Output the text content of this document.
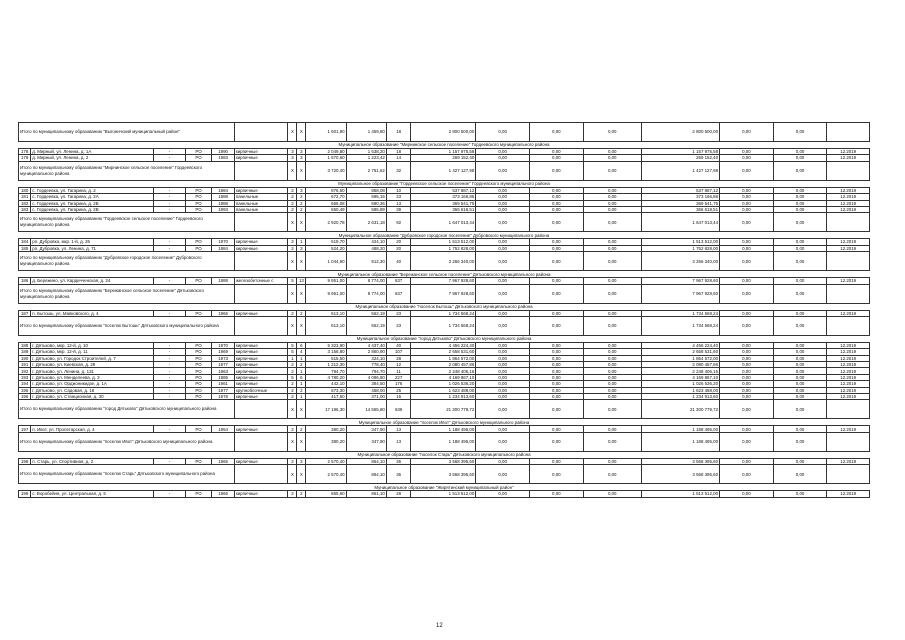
Итого по муниципальному образованию "Выгоничский муниципальный район"						X	X	1 601,90	1 459,80	18	2 800 500,00	0,00	0,00	0,00	2 800 500,00	0,00	0,00	
Муниципальное образование "Мирнинское сельское поселение" Гордеевского муниципального района																		
178	д. Мирный, ул. Ленина, д. 1А	-	PO	1990	кирпичные	3	3	2 049,80	1 538,20	18	1 157 975,58	0,00	0,00	0,00	1 157 975,58	0,00	0,00	12.2019
179	д. Мирный, ул. Ленина, д. 2	-	PO	1983	кирпичные	3	3	1 670,60	1 223,42	14	269 152,40	0,00	0,00	0,00	269 152,40	0,00	0,00	12.2019
Итого по муниципальному образованию "Мирнинское сельское поселение" Гордеевского муниципального района						X	X	3 720,40	2 761,62	32	1 427 127,98	0,00	0,00	0,00	1 427 127,98	0,00	0,00	
Муниципальное образование "Гордеевское сельское поселение" Гордеевского муниципального района																		
180	с. Гордеевка, ул. Гагарина, д. 2	-	PO	1984	кирпичные	2	3	976,50	858,08	10	537 887,12	0,00	0,00	0,00	537 887,12	0,00	0,00	12.2019
181	с. Гордеевка, ул. Гагарина, д. 2А	-	PO	1988	панельные	2	2	672,70	595,15	23	373 166,86	0,00	0,00	0,00	373 166,86	0,00	0,00	12.2019
182	с. Гордеевка, ул. Гагарина, д. 2Б	-	PO	1988	панельные	2	2	666,08	590,36	13	369 541,75	0,00	0,00	0,00	369 541,75	0,00	0,00	12.2019
183	с. Гордеевка, ул. Гагарина, д. 2В	-	PO	1993	панельные	2	2	650,49	585,89	39	366 618,51	0,00	0,00	0,00	366 618,51	0,00	0,00	12.2019
Итого по муниципальному образованию "Гордеевское сельское поселение" Гордеевского муниципального района						X	X	2 920,78	2 631,18	92	1 647 013,44	0,00	0,00	0,00	1 647 013,44	0,00	0,00	
Муниципальное образование "Дубровское городское поселение" Дубровского муниципального района																		
184	рп. Дубровка, мкр. 1-й, д. 26	-	PO	1970	кирпичные	2	1	519,70	424,10	20	1 513 512,00	0,00	0,00	0,00	1 513 512,00	0,00	0,00	12.2019
185	рп. Дубровка, ул. Ленина, д. 71	-	PO	1984	кирпичные	2	3	524,20	488,20	20	1 752 828,00	0,00	0,00	0,00	1 752 828,00	0,00	0,00	12.2019
Итого по муниципальному образованию "Дубровское городское поселение" Дубровского муниципального района						X	X	1 044,90	912,30	40	3 266 340,00	0,00	0,00	0,00	3 266 340,00	0,00	0,00	
Муниципальное образование "Бережанское сельское поселение" Дятьковского муниципального района																		
186	д. Бережино, ул. Кардичченская, д. 24	-	PO	1988	железобетонные с	5	13	9 951,00	8 774,00	637	7 967 928,60	0,00	0,00	0,00	7 967 928,60	0,00	0,00	12.2019
Итого по муниципальному образованию "Бережанское сельское поселение" Дятьковского муниципального района						X	X	9 951,00	8 774,00	637	7 967 928,60	0,00	0,00	0,00	7 967 928,60	0,00	0,00	
Муниципальное образование "поселок Бытошь" Дятьковского муниципального района																		
187	п. Бытошь, ул. Маяковского, д. 4	-	PO	1966	кирпичные	2	2	613,10	562,19	23	1 734 568,24	0,00	0,00	0,00	1 734 568,24	0,00	0,00	12.2019
Итого по муниципальному образованию "поселок Бытошь" Дятьковского муниципального района						X	X	613,10	562,19	23	1 734 568,24	0,00	0,00	0,00	1 734 568,24	0,00	0,00	
Муниципальное образование "город Дятьково" Дятьковского муниципального района																		
188	г. Дятьково, мкр. 12-й, д. 10	-	PO	1970	кирпичные	5	6	5 323,90	4 437,40	40	4 456 224,40	0,00	0,00	0,00	4 456 224,40	0,00	0,00	12.2019
189	г. Дятьково, мкр. 12-й, д. 11	-	PO	1969	кирпичные	5	4	3 156,80	2 860,90	107	2 658 531,60	0,00	0,00	0,00	2 658 531,60	0,00	0,00	12.2019
190	г. Дятьково, ул. Городок Строителей, д. 7	-	PO	1973	кирпичные	1	1	515,50	324,10	28	1 864 572,00	0,00	0,00	0,00	1 864 572,00	0,00	0,00	12.2019
191	г. Дятьково, ул. Киевская, д. 29	-	PO	1977	кирпичные	2	2	1 212,30	778,40	12	2 080 457,86	0,00	0,00	0,00	2 080 457,86	0,00	0,00	12.2019
192	г. Дятьково, ул. Ленина, д. 131	-	PO	1963	кирпичные	2	1	794,70	794,70	11	2 248 406,16	0,00	0,00	0,00	2 248 406,16	0,00	0,00	12.2019
193	г. Дятьково, ул. Менделеева, д. 3	-	PO	1985	кирпичные	5	6	4 780,20	4 096,80	227	4 169 867,10	0,00	0,00	0,00	4 169 867,10	0,00	0,00	12.2019
194	г. Дятьково, ул. Орджоникидзе, д. 1А	-	PO	1961	кирпичные	2	1	442,10	384,50	176	1 026 536,20	0,00	0,00	0,00	1 026 536,20	0,00	0,00	12.2019
195	г. Дятьково, ул. Садовая, д. 18	-	PO	1977	крупноблочные	2	2	573,30	458,00	25	1 623 488,00	0,00	0,00	0,00	1 623 488,00	0,00	0,00	12.2019
196	г. Дятьково, ул. Станционная, д. 30	-	PO	1978	кирпичные	2	1	417,50	371,00	15	1 234 913,60	0,00	0,00	0,00	1 234 913,60	0,00	0,00	12.2019
Итого по муниципальному образованию "город Дятьково" Дятьковского муниципального района						X	X	17 196,30	14 555,80	639	21 300 779,72	0,00	0,00	0,00	21 300 779,72	0,00	0,00	
Муниципальное образование "поселок Ивот" Дятьковского муниципального района																		
197	п. Ивот, ул. Пролетарская, д. 4	-	PO	1954	кирпичные	2	2	380,20	347,90	13	1 188 495,00	0,00	0,00	0,00	1 188 495,00	0,00	0,00	12.2019
Итого по муниципальному образованию "поселок Ивот" Дятьковского муниципального района						X	X	380,20	347,90	13	1 188 495,00	0,00	0,00	0,00	1 188 495,00	0,00	0,00	
Муниципальное образование "поселок Старь" Дятьковского муниципального района																		
198	п. Старь, ул. Спортивная, д. 2	-	PO	1965	кирпичные	2	3	2 570,40	864,10	36	3 568 395,60	0,00	0,00	0,00	3 568 395,60	0,00	0,00	12.2019
Итого по муниципальному образованию "поселок Старь" Дятьковского муниципального района						X	X	2 570,40	864,10	36	3 568 395,60	0,00	0,00	0,00	3 568 395,60	0,00	0,00	
Муниципальное образование "Жирятинский муниципальный район"																		
199	с. Воробейня, ул. Центральная, д. 5	-	PO	1966	кирпичные	2	2	865,60	861,10	28	1 513 512,00	0,00	0,00	0,00	1 513 512,00	0,00	0,00	12.2019
12
